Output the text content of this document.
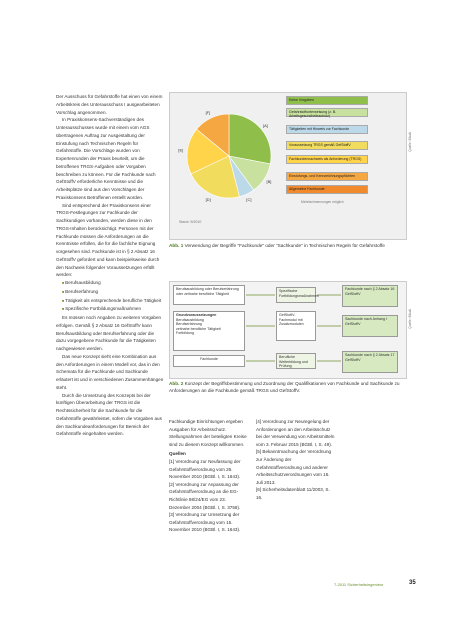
Der Ausschuss für Gefahrstoffe hat einen von einem Arbeitskreis des Unterausschuss I ausgearbeiteten Vorschlag angenommen.

In Praxiskonsens-Sachverständigen des Unterausschusses wurde mit einem vom AGS übertragenen Auftrag zur Ausgestaltung der Einstufung nach Technischen Regeln für Gefahrstoffe. Die Vorschläge wurden von Expertenrunden der Praxis beurteilt, um die betroffenen TRGS-Aufgaben oder Vorgaben beschreiben zu können. Für die Fachkunde nach GefStoffV erforderliche Kenntnisse und die Arbeitsplätze sind aus den Vorschlägen der Praxiskonsens Betroffenen erstellt worden.

Sind entsprechend der Praxiskonsens einer TRGS-Festlegungen zur Fachkunde der Sachkundigen vorhanden, werden diese in den TRGS-Inhalten berücksichtigt. Personen mit der Fachkunde müssen die Anforderungen an die Kenntnisse erfüllen, die für die fachliche Eignung vorgesehen sind. Fachkunde ist in § 2 Absatz 16 GefStoffV gefordert und kann beispielsweise durch den Nachweis folgender Voraussetzungen erfüllt werden:

■ Berufsausbildung
■ Berufserfahrung
■ Tätigkeit als entsprechende berufliche Tätigkeit
■ Spezifische Fortbildungsmaßnahmen

Es müssen noch Angaben zu weiteren Vorgaben erfolgen. Gemäß § 2 Absatz 16 GefStoffV kann Berufsausbildung oder Berufserfahrung oder die dazu vorgegebene Fachkunde für die Tätigkeiten nachgewiesen werden.

Das neue Konzept sieht eine Kombination aus den Anforderungen in einem Modell vor, das in den Schemata für die Fachkunde und Sachkunde erläutert ist und in verschiedenen Zusammenhängen steht.

Durch die Umsetzung des Konzepts bei der künftigen Überarbeitung der TRGS ist die Rechtssicherheit für die Sachkunde für die Gefahrstoffe gewährleistet, sofern die Vorgaben aus den Sachkundeanforderungen für Bereich der Gefahrstoffe eingehalten werden.

[A]
[B]
[C]
[D]
[E]
[F]
Stand: 9/2010
Keine Vorgaben
Gefahrstoffunterweisung (z. B. Arbeitsgesundheitsschutz)
Tätigkeiten mit Hinweis zur Fachkunde
Voraussetzung TRGS gemäß GefStoffV
Fachkundennachweis als Anforderung (TRGS)
Einstufungs- und Kennzeichnungspflichten
Allgemeine Fachkunde
Mehrfachnennungen möglich
Quelle: BAuA
Abb. 1 Verwendung der Begriffe "Fachkunde" oder "Sachkunde" in Technischen Regeln für Gefahrstoffe
Berufsausbildung oder Berufserfahrung oder zeitnahe berufliche Tätigkeit
Grundvoraussetzungen
Berufsausbildung
Berufserfahrung
zeitnahe berufliche Tätigkeit
Fortbildung
Fachkunde
Spezifische Fortbildungsmaßnahmen
GefStoffV-Fachmodul mit Zusatzmodulen
Berufliche Weiterbildung und Prüfung
Fachkunde nach § 2 Absatz 16 GefStoffV
Sachkunde nach Anhang I GefStoffV
Sachkunde nach § 2 Absatz 17 GefStoffV
Quelle: BAuA
Abb. 2 Konzept der Begriffsbestimmung und Zuordnung der Qualifikationen von Fachkunde und Sachkunde zu Anforderungen an die Fachkunde gemäß TRGS und GefStoffV.

Fachkundige Einrichtungen ergeben Ausgaben für Arbeitsschutz. Stellungnahmen der beteiligten Kreise sind zu diesem Konzept willkommen.

Quellen

[1] Verordnung zur Neufassung der Gefahrstoffverordnung vom 26. November 2010 (BGBl. I, S. 1643).

[2] Verordnung zur Anpassung der Gefahrstoffverordnung an die EG-Richtlinie 98/24/EG vom 23. Dezember 2004 (BGBl. I, S. 3758).

[3] Verordnung zur Umsetzung der Gefahrstoffverordnung vom 15. November 2010 (BGBl. I, S. 1643).

[4] Verordnung zur Neuregelung der Anforderungen an den Arbeitsschutz bei der Verwendung von Arbeitsmitteln vom 3. Februar 2015 (BGBl. I, S. 49).

[5] Bekanntmachung der Verordnung zur Änderung der Gefahrstoffverordnung und anderer Arbeitsschutzverordnungen vom 15. Juli 2013.

[6] Sicherheitsdatenblatt 11/2003, S. 16.

7-2011 Sicherheitsingenieur	35
